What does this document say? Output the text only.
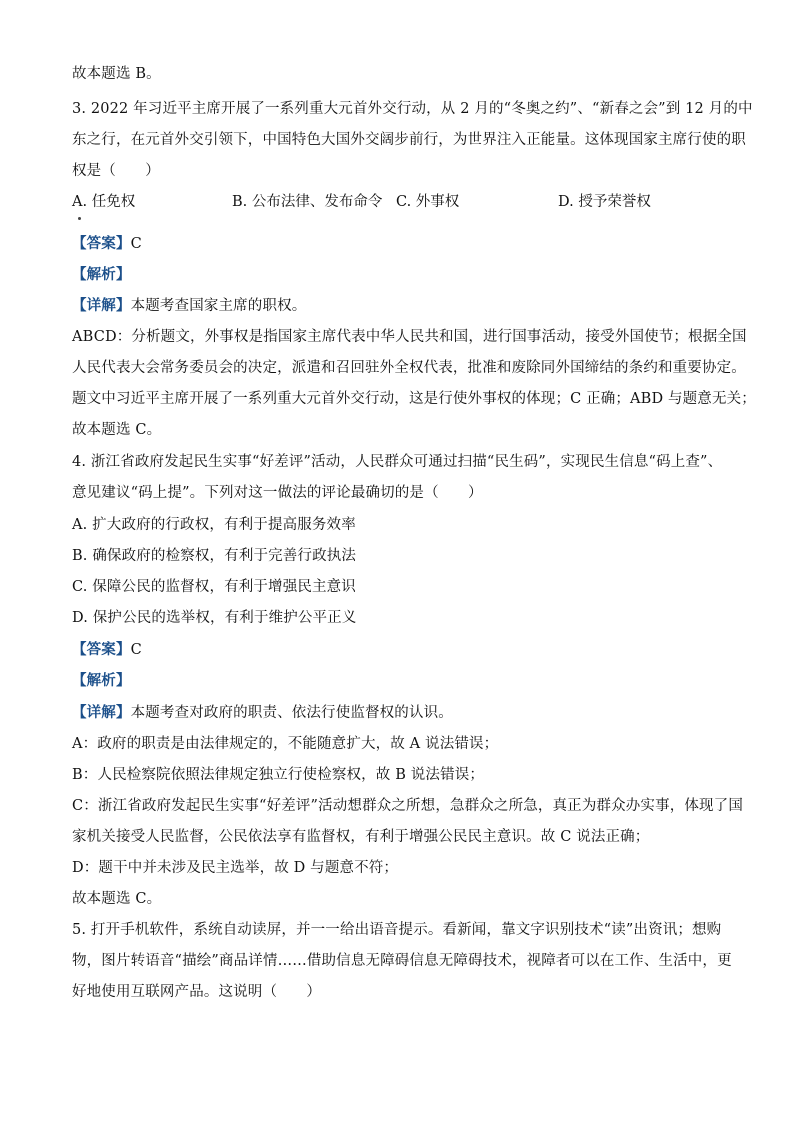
故本题选 B。
3. 2022 年习近平主席开展了一系列重大元首外交行动，从 2 月的“冬奥之约”、“新春之会”到 12 月的中
东之行，在元首外交引领下，中国特色大国外交阔步前行，为世界注入正能量。这体现国家主席行使的职
权是（　　）
A. 任免权	B. 公布法律、发布命令 C. 外事权	D. 授予荣誉权
【答案】C
【解析】
【详解】本题考查国家主席的职权。
ABCD：分析题文，外事权是指国家主席代表中华人民共和国，进行国事活动，接受外国使节；根据全国
人民代表大会常务委员会的决定，派遣和召回驻外全权代表，批准和废除同外国缔结的条约和重要协定。
题文中习近平主席开展了一系列重大元首外交行动，这是行使外事权的体现；C 正确；ABD 与题意无关；
故本题选 C。
4. 浙江省政府发起民生实事“好差评”活动，人民群众可通过扫描“民生码”，实现民生信息“码上查”、
意见建议“码上提”。下列对这一做法的评论最确切的是（　　）
A. 扩大政府的行政权，有利于提高服务效率
B. 确保政府的检察权，有利于完善行政执法
C. 保障公民的监督权，有利于增强民主意识
D. 保护公民的选举权，有利于维护公平正义
【答案】C
【解析】
【详解】本题考查对政府的职责、依法行使监督权的认识。
A：政府的职责是由法律规定的，不能随意扩大，故 A 说法错误；
B：人民检察院依照法律规定独立行使检察权，故 B 说法错误；
C：浙江省政府发起民生实事“好差评”活动想群众之所想，急群众之所急，真正为群众办实事，体现了国
家机关接受人民监督，公民依法享有监督权，有利于增强公民民主意识。故 C 说法正确；
D：题干中并未涉及民主选举，故 D 与题意不符；
故本题选 C。
5. 打开手机软件，系统自动读屏，并一一给出语音提示。看新闻，靠文字识别技术“读”出资讯；想购
物，图片转语音“描绘”商品详情……借助信息无障碍信息无障碍技术，视障者可以在工作、生活中，更
好地使用互联网产品。这说明（　　）
